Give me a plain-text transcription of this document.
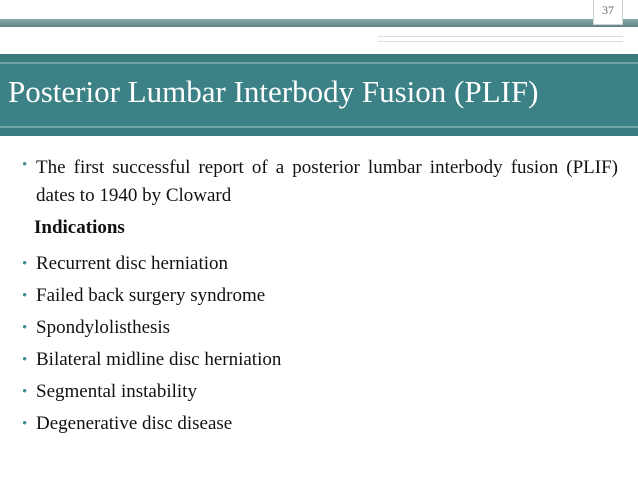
37
Posterior Lumbar Interbody Fusion (PLIF)
• The first successful report of a posterior lumbar interbody fusion (PLIF) dates to 1940 by Cloward
Indications
• Recurrent disc herniation
• Failed back surgery syndrome
• Spondylolisthesis
• Bilateral midline disc herniation
• Segmental instability
• Degenerative disc disease
